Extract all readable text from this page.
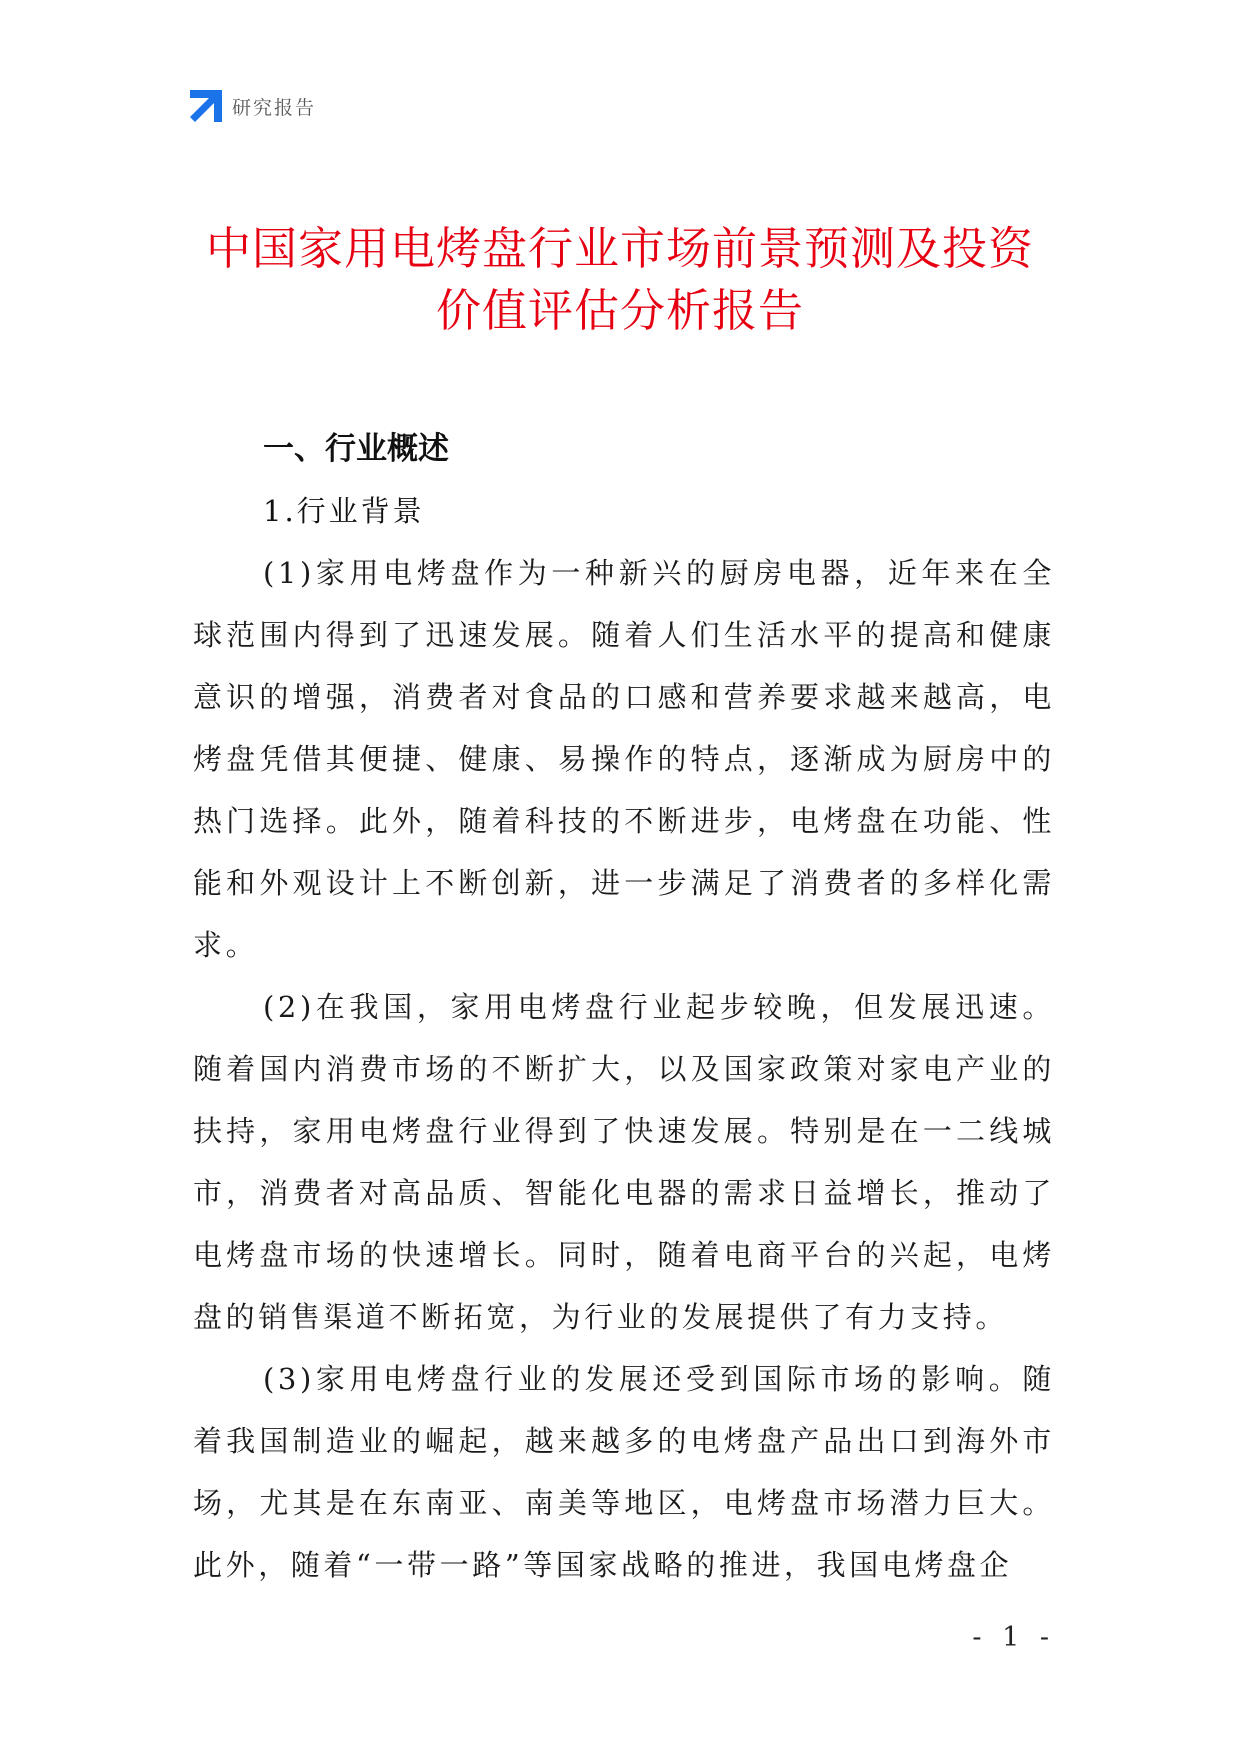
研究报告
中国家用电烤盘行业市场前景预测及投资
价值评估分析报告

一、行业概述

1.行业背景

(1)家用电烤盘作为一种新兴的厨房电器，近年来在全球范围内得到了迅速发展。随着人们生活水平的提高和健康意识的增强，消费者对食品的口感和营养要求越来越高，电烤盘凭借其便捷、健康、易操作的特点，逐渐成为厨房中的热门选择。此外，随着科技的不断进步，电烤盘在功能、性能和外观设计上不断创新，进一步满足了消费者的多样化需求。

(2)在我国，家用电烤盘行业起步较晚，但发展迅速。随着国内消费市场的不断扩大，以及国家政策对家电产业的扶持，家用电烤盘行业得到了快速发展。特别是在一二线城市，消费者对高品质、智能化电器的需求日益增长，推动了电烤盘市场的快速增长。同时，随着电商平台的兴起，电烤盘的销售渠道不断拓宽，为行业的发展提供了有力支持。

(3)家用电烤盘行业的发展还受到国际市场的影响。随着我国制造业的崛起，越来越多的电烤盘产品出口到海外市场，尤其是在东南亚、南美等地区，电烤盘市场潜力巨大。此外，随着“一带一路”等国家战略的推进，我国电烤盘企

- 1 -
